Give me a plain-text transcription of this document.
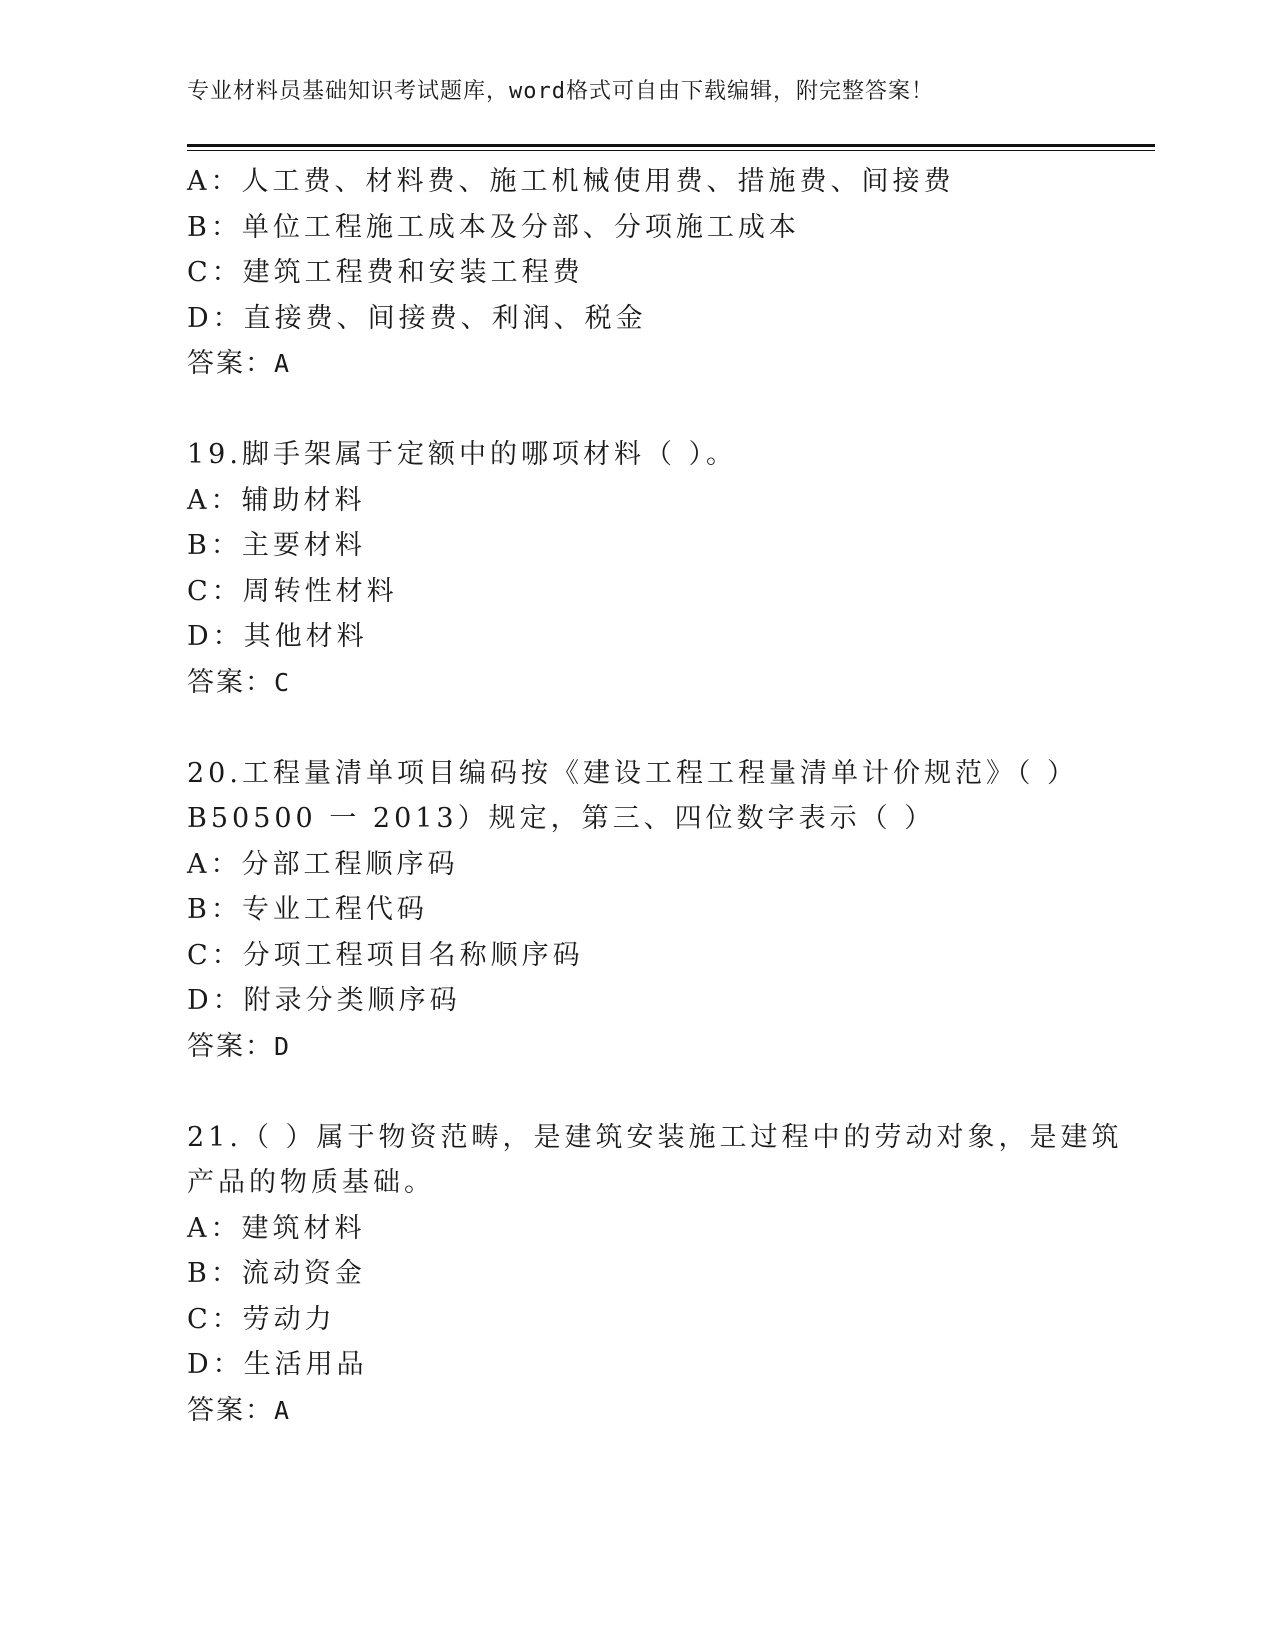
专业材料员基础知识考试题库，word格式可自由下载编辑，附完整答案！
A：人工费、材料费、施工机械使用费、措施费、间接费
B：单位工程施工成本及分部、分项施工成本
C：建筑工程费和安装工程费
D：直接费、间接费、利润、税金
答案：A
19.脚手架属于定额中的哪项材料（ ）。
A：辅助材料
B：主要材料
C：周转性材料
D：其他材料
答案：C
20.工程量清单项目编码按《建设工程工程量清单计价规范》（ ）
B50500 一 2013）规定，第三、四位数字表示（ ）
A：分部工程顺序码
B：专业工程代码
C：分项工程项目名称顺序码
D：附录分类顺序码
答案：D
21.（ ）属于物资范畴，是建筑安装施工过程中的劳动对象，是建筑
产品的物质基础。
A：建筑材料
B：流动资金
C：劳动力
D：生活用品
答案：A
